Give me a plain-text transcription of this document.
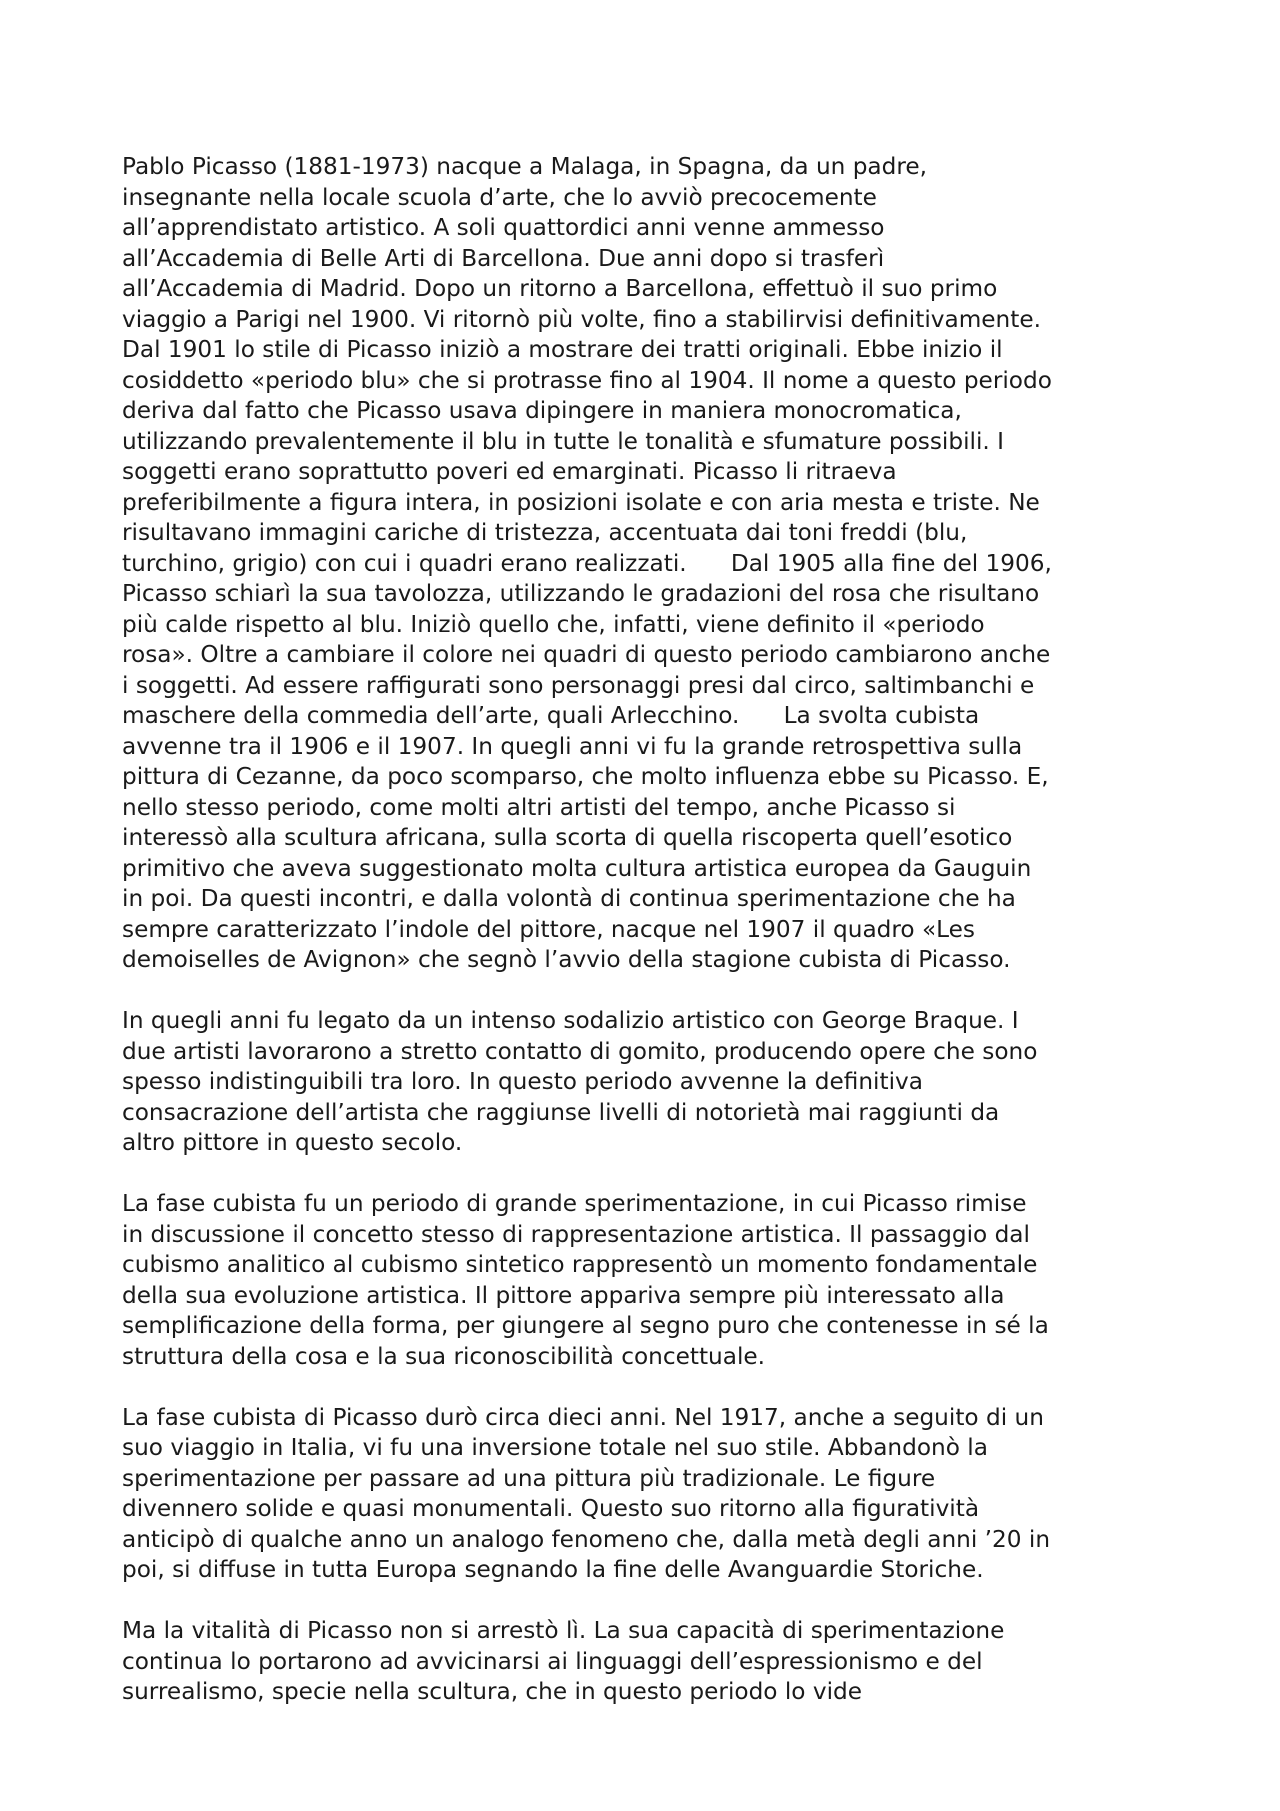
Pablo Picasso (1881-1973) nacque a Malaga, in Spagna, da un padre,
insegnante nella locale scuola d’arte, che lo avviò precocemente
all’apprendistato artistico. A soli quattordici anni venne ammesso
all’Accademia di Belle Arti di Barcellona. Due anni dopo si trasferì
all’Accademia di Madrid. Dopo un ritorno a Barcellona, effettuò il suo primo
viaggio a Parigi nel 1900. Vi ritornò più volte, fino a stabilirvisi definitivamente.
Dal 1901 lo stile di Picasso iniziò a mostrare dei tratti originali. Ebbe inizio il
cosiddetto «periodo blu» che si protrasse fino al 1904. Il nome a questo periodo
deriva dal fatto che Picasso usava dipingere in maniera monocromatica,
utilizzando prevalentemente il blu in tutte le tonalità e sfumature possibili. I
soggetti erano soprattutto poveri ed emarginati. Picasso li ritraeva
preferibilmente a figura intera, in posizioni isolate e con aria mesta e triste. Ne
risultavano immagini cariche di tristezza, accentuata dai toni freddi (blu,
turchino, grigio) con cui i quadri erano realizzati.      Dal 1905 alla fine del 1906,
Picasso schiarì la sua tavolozza, utilizzando le gradazioni del rosa che risultano
più calde rispetto al blu. Iniziò quello che, infatti, viene definito il «periodo
rosa». Oltre a cambiare il colore nei quadri di questo periodo cambiarono anche
i soggetti. Ad essere raffigurati sono personaggi presi dal circo, saltimbanchi e
maschere della commedia dell’arte, quali Arlecchino.      La svolta cubista
avvenne tra il 1906 e il 1907. In quegli anni vi fu la grande retrospettiva sulla
pittura di Cezanne, da poco scomparso, che molto influenza ebbe su Picasso. E,
nello stesso periodo, come molti altri artisti del tempo, anche Picasso si
interessò alla scultura africana, sulla scorta di quella riscoperta quell’esotico
primitivo che aveva suggestionato molta cultura artistica europea da Gauguin
in poi. Da questi incontri, e dalla volontà di continua sperimentazione che ha
sempre caratterizzato l’indole del pittore, nacque nel 1907 il quadro «Les
demoiselles de Avignon» che segnò l’avvio della stagione cubista di Picasso.

In quegli anni fu legato da un intenso sodalizio artistico con George Braque. I
due artisti lavorarono a stretto contatto di gomito, producendo opere che sono
spesso indistinguibili tra loro. In questo periodo avvenne la definitiva
consacrazione dell’artista che raggiunse livelli di notorietà mai raggiunti da
altro pittore in questo secolo.

La fase cubista fu un periodo di grande sperimentazione, in cui Picasso rimise
in discussione il concetto stesso di rappresentazione artistica. Il passaggio dal
cubismo analitico al cubismo sintetico rappresentò un momento fondamentale
della sua evoluzione artistica. Il pittore appariva sempre più interessato alla
semplificazione della forma, per giungere al segno puro che contenesse in sé la
struttura della cosa e la sua riconoscibilità concettuale.

La fase cubista di Picasso durò circa dieci anni. Nel 1917, anche a seguito di un
suo viaggio in Italia, vi fu una inversione totale nel suo stile. Abbandonò la
sperimentazione per passare ad una pittura più tradizionale. Le figure
divennero solide e quasi monumentali. Questo suo ritorno alla figuratività
anticipò di qualche anno un analogo fenomeno che, dalla metà degli anni ’20 in
poi, si diffuse in tutta Europa segnando la fine delle Avanguardie Storiche.

Ma la vitalità di Picasso non si arrestò lì. La sua capacità di sperimentazione
continua lo portarono ad avvicinarsi ai linguaggi dell’espressionismo e del
surrealismo, specie nella scultura, che in questo periodo lo vide
